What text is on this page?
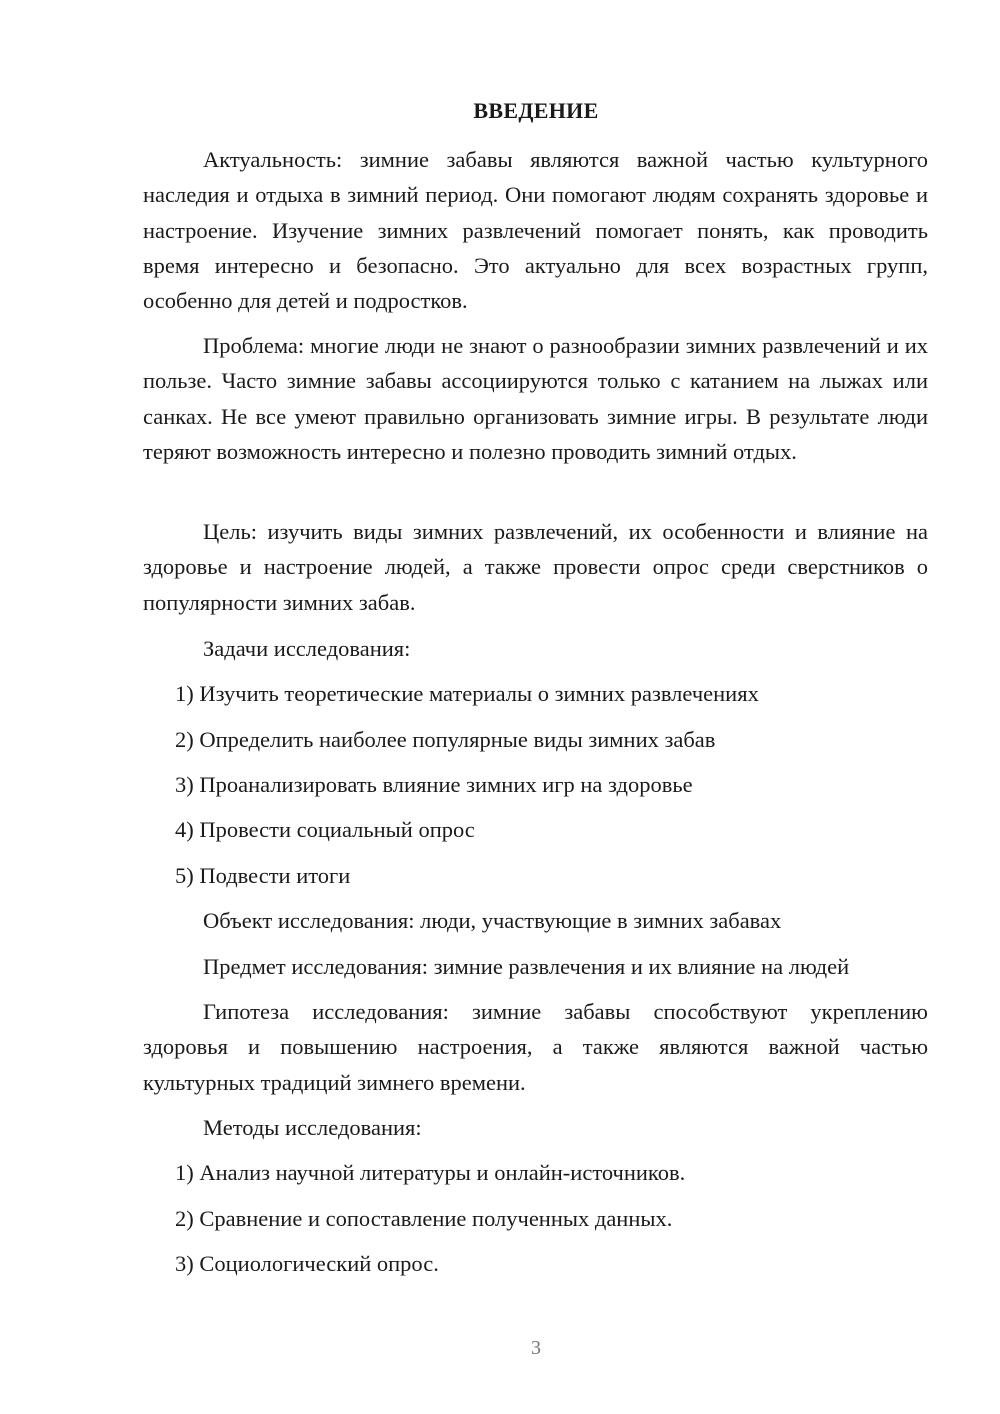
ВВЕДЕНИЕ

Актуальность: зимние забавы являются важной частью культурного наследия и отдыха в зимний период. Они помогают людям сохранять здоровье и настроение. Изучение зимних развлечений помогает понять, как проводить время интересно и безопасно. Это актуально для всех возрастных групп, особенно для детей и подростков.

Проблема: многие люди не знают о разнообразии зимних развлечений и их пользе. Часто зимние забавы ассоциируются только с катанием на лыжах или санках. Не все умеют правильно организовать зимние игры. В результате люди теряют возможность интересно и полезно проводить зимний отдых.

Цель: изучить виды зимних развлечений, их особенности и влияние на здоровье и настроение людей, а также провести опрос среди сверстников о популярности зимних забав.

Задачи исследования:

1) Изучить теоретические материалы о зимних развлечениях

2) Определить наиболее популярные виды зимних забав

3) Проанализировать влияние зимних игр на здоровье

4) Провести социальный опрос

5) Подвести итоги

Объект исследования: люди, участвующие в зимних забавах

Предмет исследования: зимние развлечения и их влияние на людей

Гипотеза исследования: зимние забавы способствуют укреплению здоровья и повышению настроения, а также являются важной частью культурных традиций зимнего времени.

Методы исследования:

1) Анализ научной литературы и онлайн-источников.

2) Сравнение и сопоставление полученных данных.

3) Социологический опрос.

3
